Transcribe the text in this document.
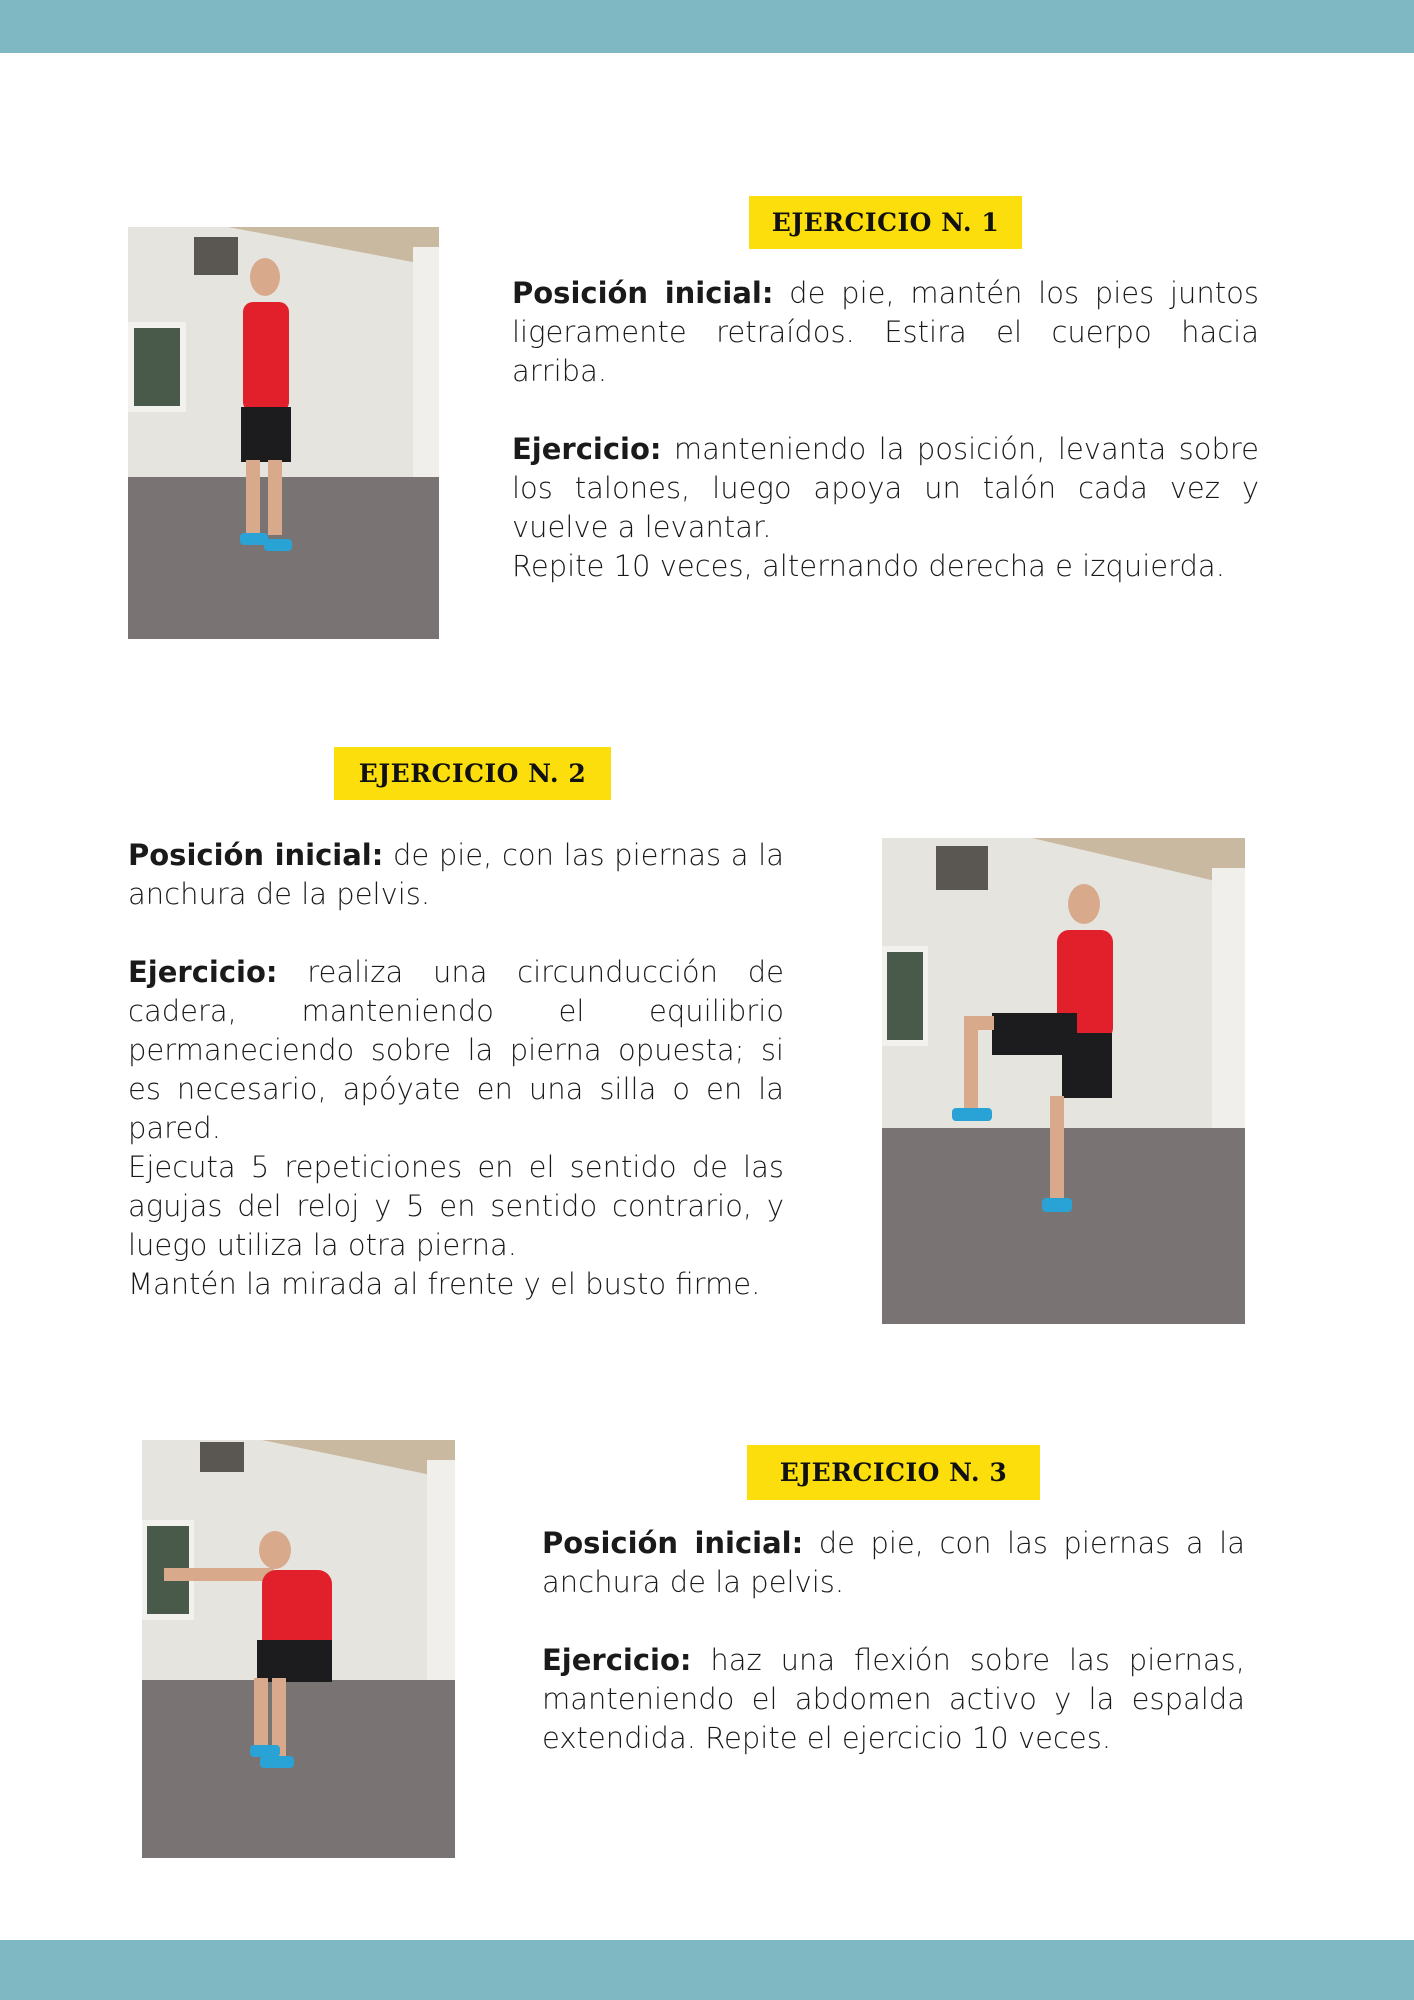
EJERCICIO N. 1

Posición inicial: de pie, mantén los pies juntos ligeramente retraídos. Estira el cuerpo hacia arriba.

Ejercicio: manteniendo la posición, levanta sobre los talones, luego apoya un talón cada vez y vuelve a levantar.

Repite 10 veces, alternando derecha e izquierda.

EJERCICIO N. 2

Posición inicial: de pie, con las piernas a la anchura de la pelvis.

Ejercicio: realiza una circunducción de cadera, manteniendo el equilibrio permaneciendo sobre la pierna opuesta; si es necesario, apóyate en una silla o en la pared.

Ejecuta 5 repeticiones en el sentido de las agujas del reloj y 5 en sentido contrario, y luego utiliza la otra pierna.

Mantén la mirada al frente y el busto firme.

EJERCICIO N. 3

Posición inicial: de pie, con las piernas a la anchura de la pelvis.

Ejercicio: haz una flexión sobre las piernas, manteniendo el abdomen activo y la espalda extendida. Repite el ejercicio 10 veces.
